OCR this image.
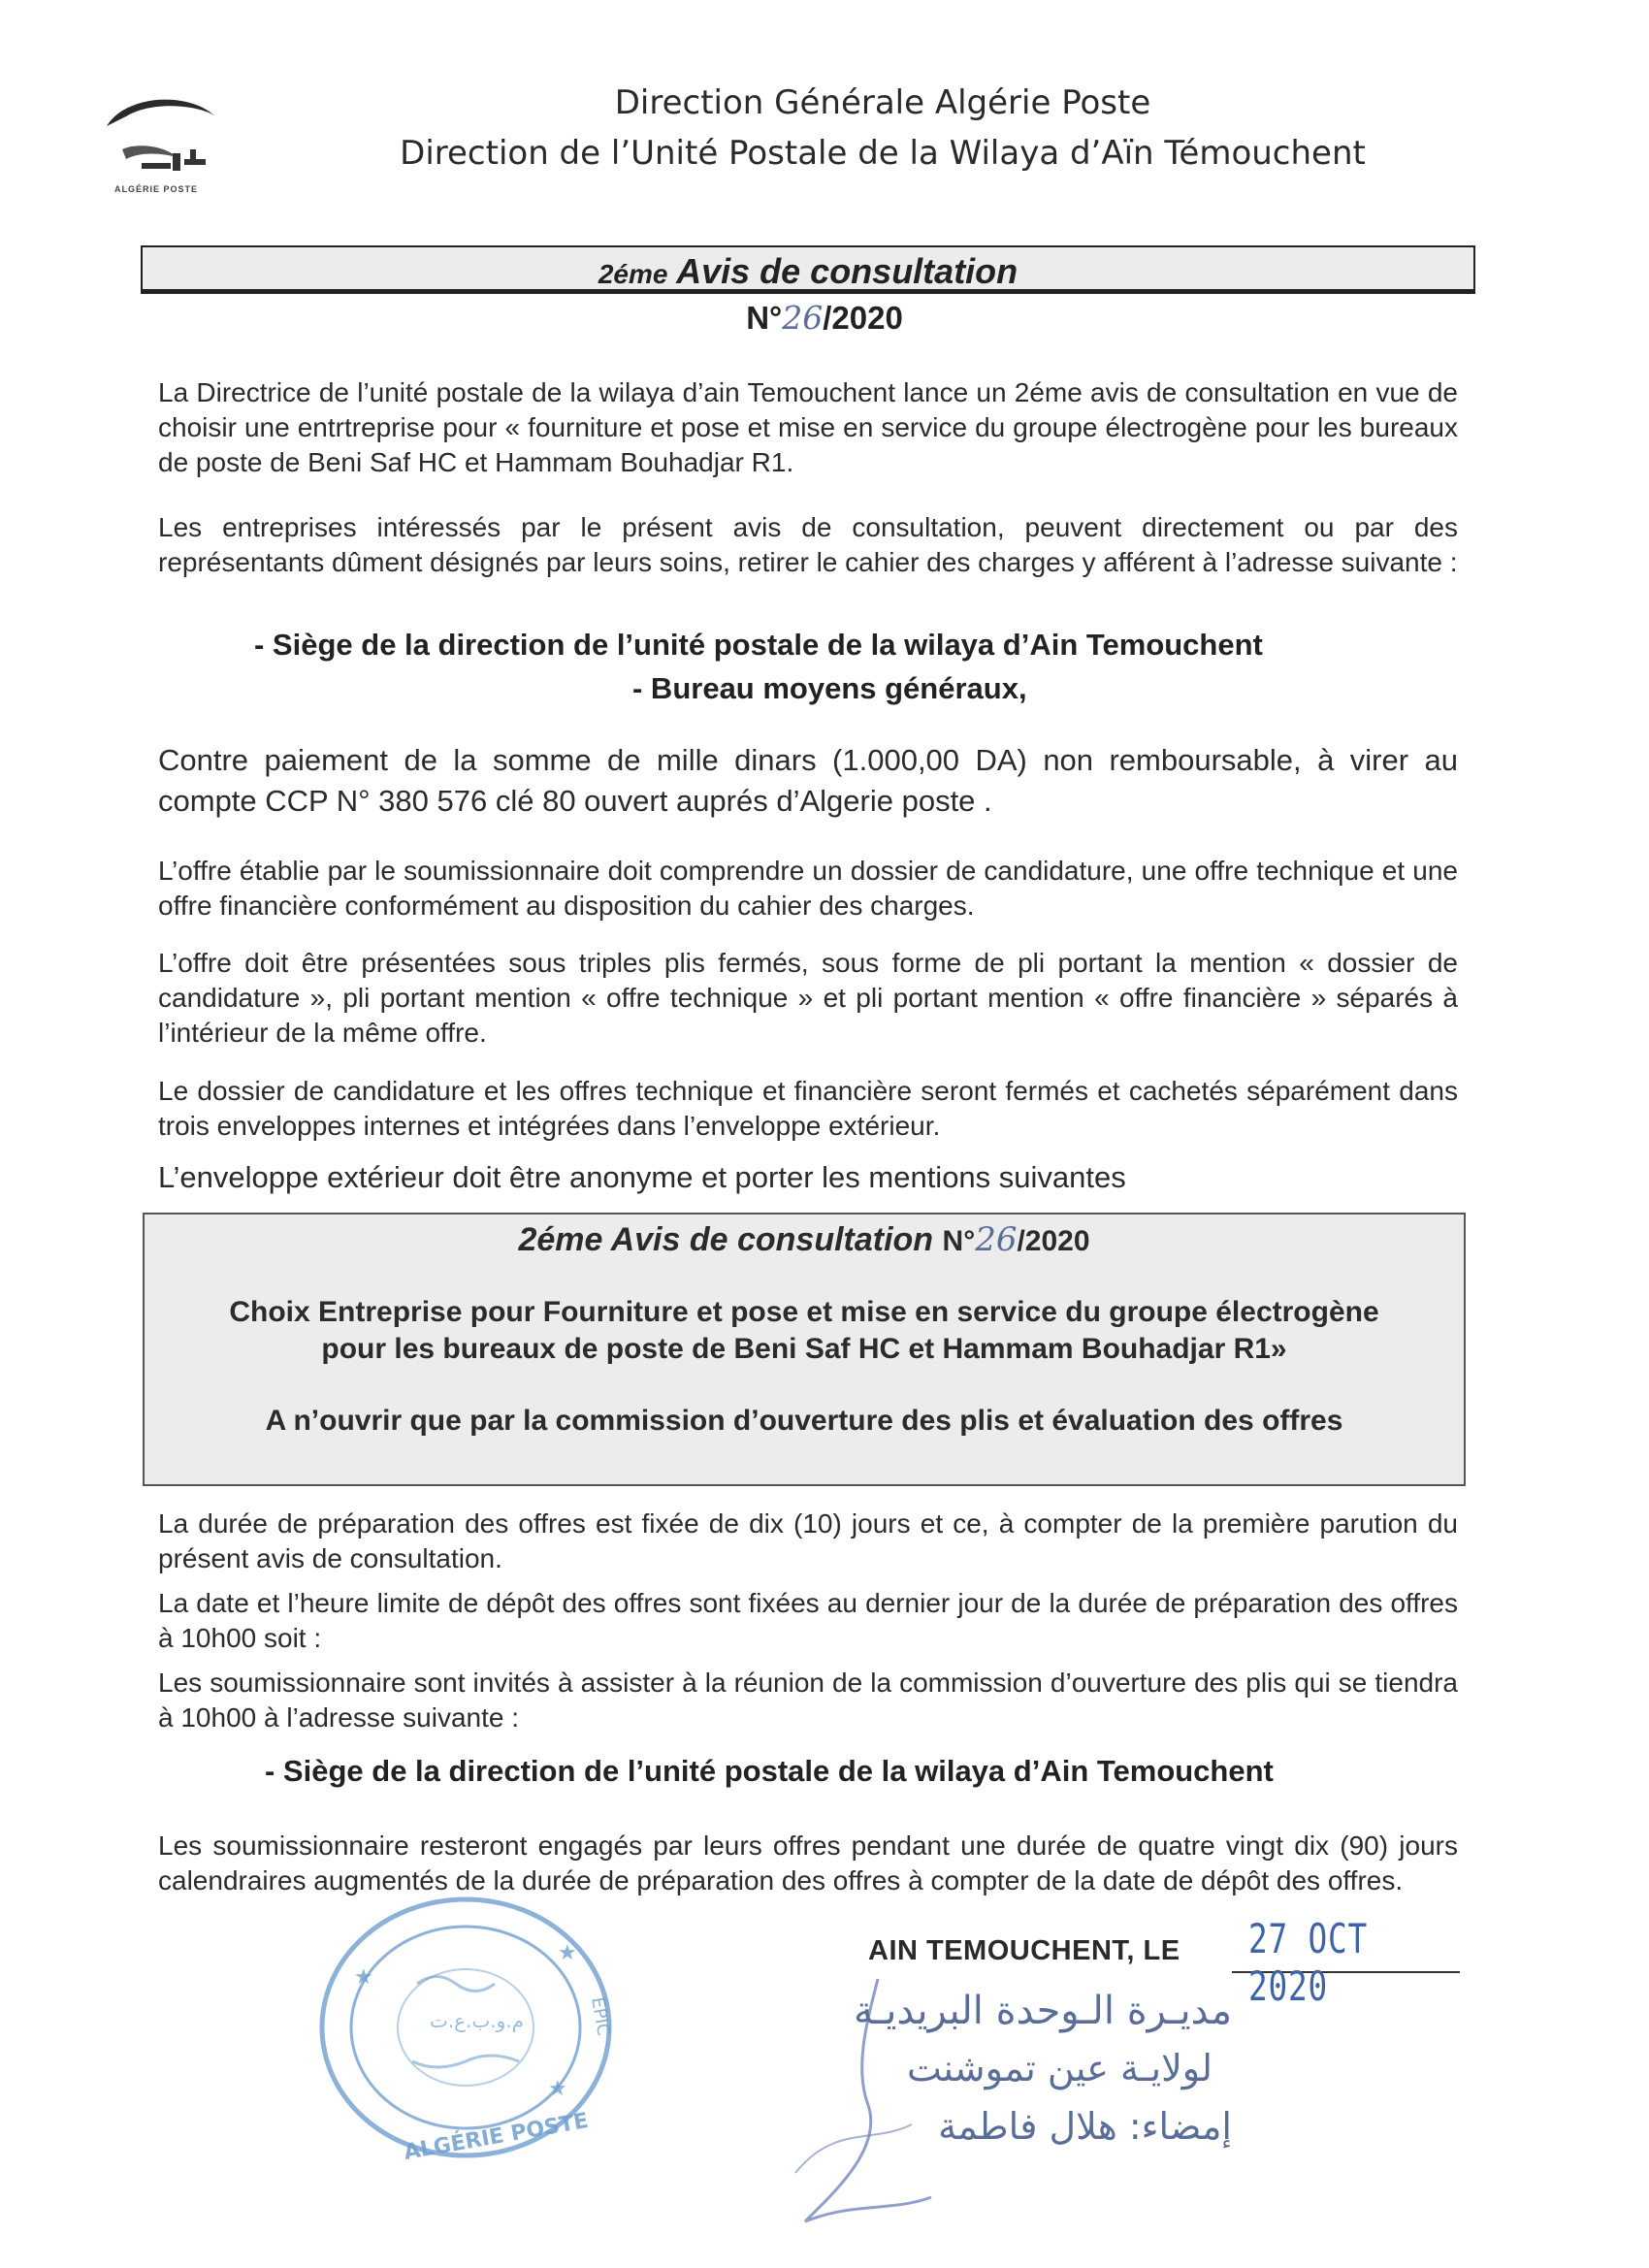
ALGÉRIE POSTE
Direction Générale Algérie Poste
Direction de l’Unité Postale de la Wilaya d’Aïn Témouchent
2éme Avis de consultation
N°26/2020
La Directrice de l’unité postale de la wilaya d’ain Temouchent lance un 2éme avis de consultation en vue de choisir une entrtreprise pour « fourniture et pose et mise en service du groupe électrogène pour les bureaux de poste de Beni Saf HC et Hammam Bouhadjar R1.
Les entreprises intéressés par le présent avis de consultation, peuvent directement ou par des représentants dûment désignés par leurs soins, retirer le cahier des charges y afférent à l’adresse suivante :
- Siège de la direction de l’unité postale de la wilaya d’Ain Temouchent
- Bureau moyens généraux,
Contre paiement de la somme de mille dinars (1.000,00 DA) non remboursable, à virer au compte CCP N° 380 576 clé 80 ouvert auprés d’Algerie poste .
L’offre établie par le soumissionnaire doit comprendre un dossier de candidature, une offre technique et une offre financière conformément au disposition du cahier des charges.
L’offre doit être présentées sous triples plis fermés, sous forme de pli portant la mention « dossier de candidature », pli portant mention « offre technique » et pli portant mention « offre financière » séparés à l’intérieur de la même offre.
Le dossier de candidature et les offres technique et financière seront fermés et cachetés séparément dans trois enveloppes internes et intégrées dans l’enveloppe extérieur.
L’enveloppe extérieur doit être anonyme et porter les mentions suivantes
2éme Avis de consultation N°26/2020
Choix Entreprise pour Fourniture et pose et mise en service du groupe électrogène
pour les bureaux de poste de Beni Saf HC et Hammam Bouhadjar R1»
A n’ouvrir que par la commission d’ouverture des plis et évaluation des offres
La durée de préparation des offres est fixée de dix (10) jours et ce, à compter de la première parution du présent avis de consultation.
La date et l’heure limite de dépôt des offres sont fixées au dernier jour de la durée de préparation des offres à 10h00 soit :
Les soumissionnaire sont invités à assister à la réunion de la commission d’ouverture des plis qui se tiendra à 10h00 à l’adresse suivante :
- Siège de la direction de l’unité postale de la wilaya d’Ain Temouchent
Les soumissionnaire resteront engagés par leurs offres pendant une durée de quatre vingt dix (90) jours calendraires augmentés de la durée de préparation des offres à compter de la date de dépôt des offres.
AIN TEMOUCHENT, LE 27 OCT 2020
★
★
★
م.و.ب.ع.ت
ALGÉRIE POSTE
EPIC	مديـرة الـوحدة البريديـة
لولايـة عين تموشنت
إمضاء: هلال فاطمة
